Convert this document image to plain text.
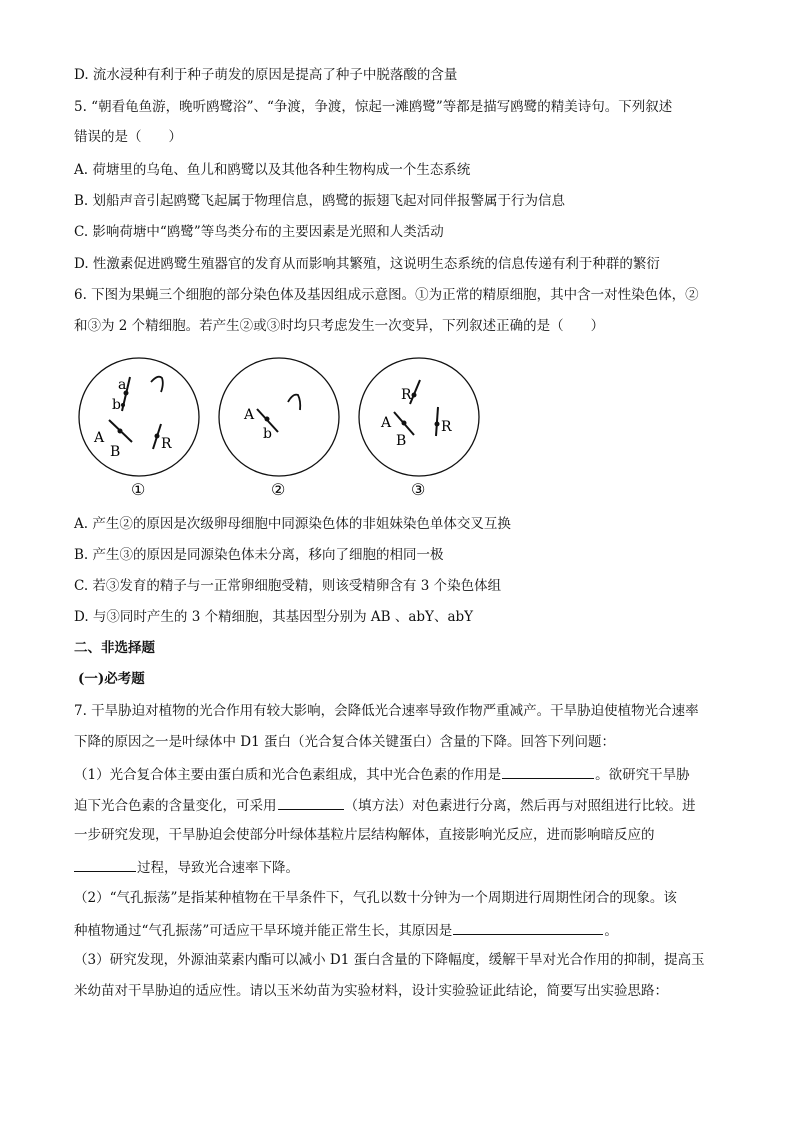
D. 流水浸种有利于种子萌发的原因是提高了种子中脱落酸的含量
5. “朝看龟鱼游，晚听鸥鹭浴”、“争渡，争渡，惊起一滩鸥鹭”等都是描写鸥鹭的精美诗句。下列叙述
错误的是（　　）
A. 荷塘里的乌龟、鱼儿和鸥鹭以及其他各种生物构成一个生态系统
B. 划船声音引起鸥鹭飞起属于物理信息，鸥鹭的振翅飞起对同伴报警属于行为信息
C. 影响荷塘中“鸥鹭”等鸟类分布的主要因素是光照和人类活动
D. 性激素促进鸥鹭生殖器官的发育从而影响其繁殖，这说明生态系统的信息传递有利于种群的繁衍
6. 下图为果蝇三个细胞的部分染色体及基因组成示意图。①为正常的精原细胞，其中含一对性染色体，②
和③为 2 个精细胞。若产生②或③时均只考虑发生一次变异，下列叙述正确的是（　　）
a
b
A
B	R
①
A
b
②
R
A
B
R
③
A. 产生②的原因是次级卵母细胞中同源染色体的非姐妹染色单体交叉互换
B. 产生③的原因是同源染色体未分离，移向了细胞的相同一极
C. 若③发育的精子与一正常卵细胞受精，则该受精卵含有 3 个染色体组
D. 与③同时产生的 3 个精细胞，其基因型分别为 AB 、abY、abY
二、非选择题
(一)必考题
7. 干旱胁迫对植物的光合作用有较大影响，会降低光合速率导致作物严重减产。干旱胁迫使植物光合速率
下降的原因之一是叶绿体中 D1 蛋白（光合复合体关键蛋白）含量的下降。回答下列问题：
（1）光合复合体主要由蛋白质和光合色素组成，其中光合色素的作用是	。欲研究干旱胁
迫下光合色素的含量变化，可采用	（填方法）对色素进行分离，然后再与对照组进行比较。进
一步研究发现，干旱胁迫会使部分叶绿体基粒片层结构解体，直接影响光反应，进而影响暗反应的
过程，导致光合速率下降。
（2）“气孔振荡”是指某种植物在干旱条件下，气孔以数十分钟为一个周期进行周期性闭合的现象。该
种植物通过“气孔振荡”可适应干旱环境并能正常生长，其原因是	。
（3）研究发现，外源油菜素内酯可以减小 D1 蛋白含量的下降幅度，缓解干旱对光合作用的抑制，提高玉
米幼苗对干旱胁迫的适应性。请以玉米幼苗为实验材料，设计实验验证此结论，简要写出实验思路：
